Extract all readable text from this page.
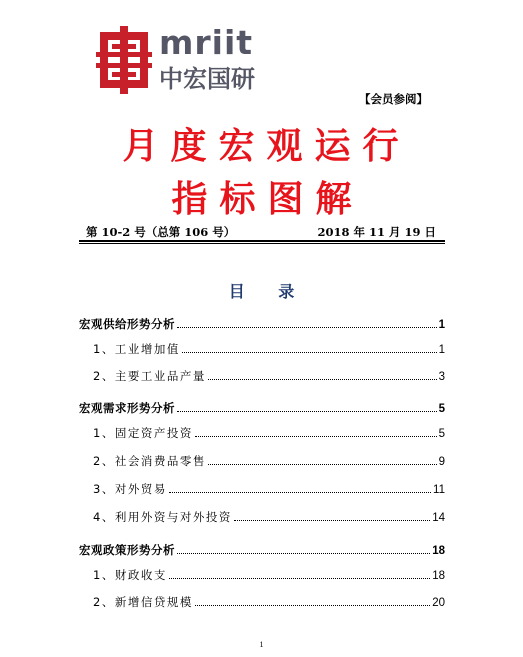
mriit
中宏国研
【会员参阅】
月度宏观运行
指标图解
第 10-2 号（总第 106 号）	2018 年 11 月 19 日
目 录
宏观供给形势分析	1
1、工业增加值	1
2、主要工业品产量	3
宏观需求形势分析	5
1、固定资产投资	5
2、社会消费品零售	9
3、对外贸易	11
4、利用外资与对外投资	14
宏观政策形势分析	18
1、财政收支	18
2、新增信贷规模	20
1
